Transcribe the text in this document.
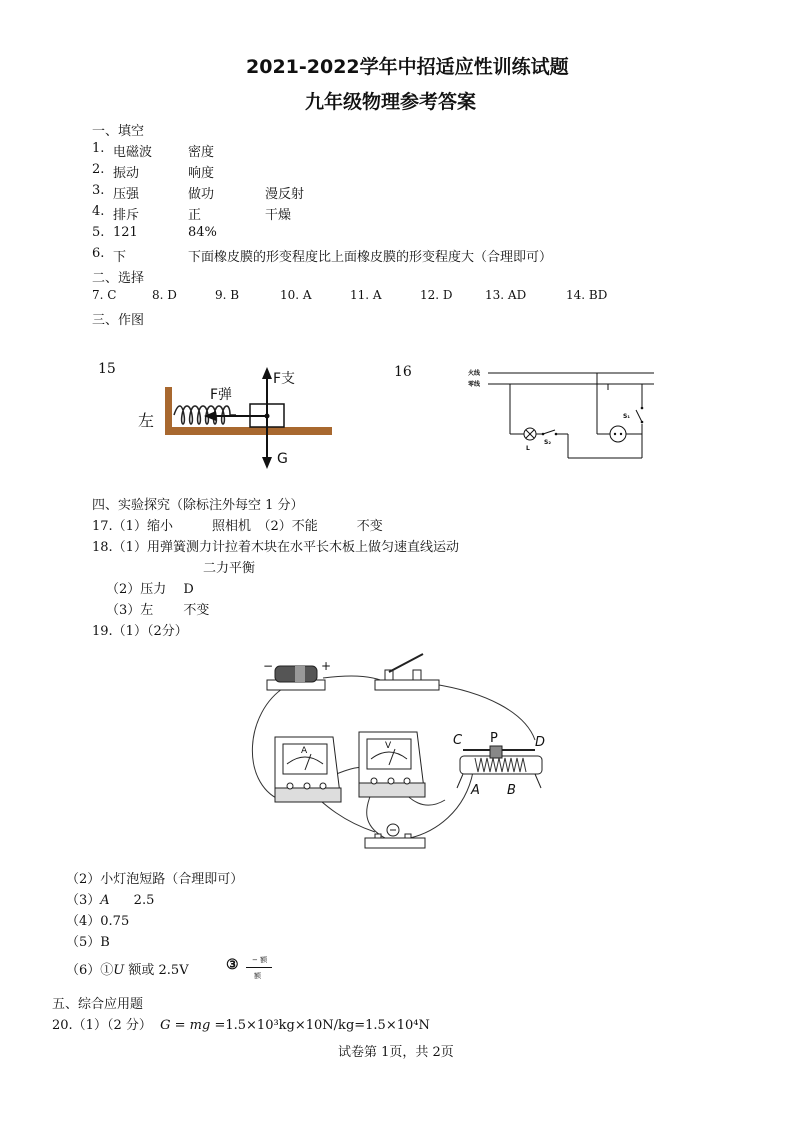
2021-2022学年中招适应性训练试题
九年级物理参考答案
一、填空
1. 电磁波	密度
2. 振动	响度
3. 压强	做功	漫反射
4. 排斥	正	干燥
5. 121	84%
6. 下	下面橡皮膜的形变程度比上面橡皮膜的形变程度大（合理即可）
二、选择
7. C	8. D	9. B	10. A	11. A	12. D	13. AD	14. BD
三、作图
15
左
F弹
F支
G
16	火线
零线
L
S₂
S₁
四、实验探究（除标注外每空 1 分）
17.（1）缩小　　　照相机　（2）不能　　　不变
18.（1）用弹簧测力计拉着木块在水平长木板上做匀速直线运动
二力平衡
（2）压力　 D
（3）左　　 不变
19.（1）（2分）
−	+
A	V	C P	D
A B
（2）小灯泡短路（合理即可）
（3）A 2.5
（4）0.75
（5）B
（6）①U 额或 2.5V	③ − 额
额
五、综合应用题
20.（1）（2 分） G = mg =1.5×10³kg×10N/kg=1.5×10⁴N
试卷第 1页，共 2页
